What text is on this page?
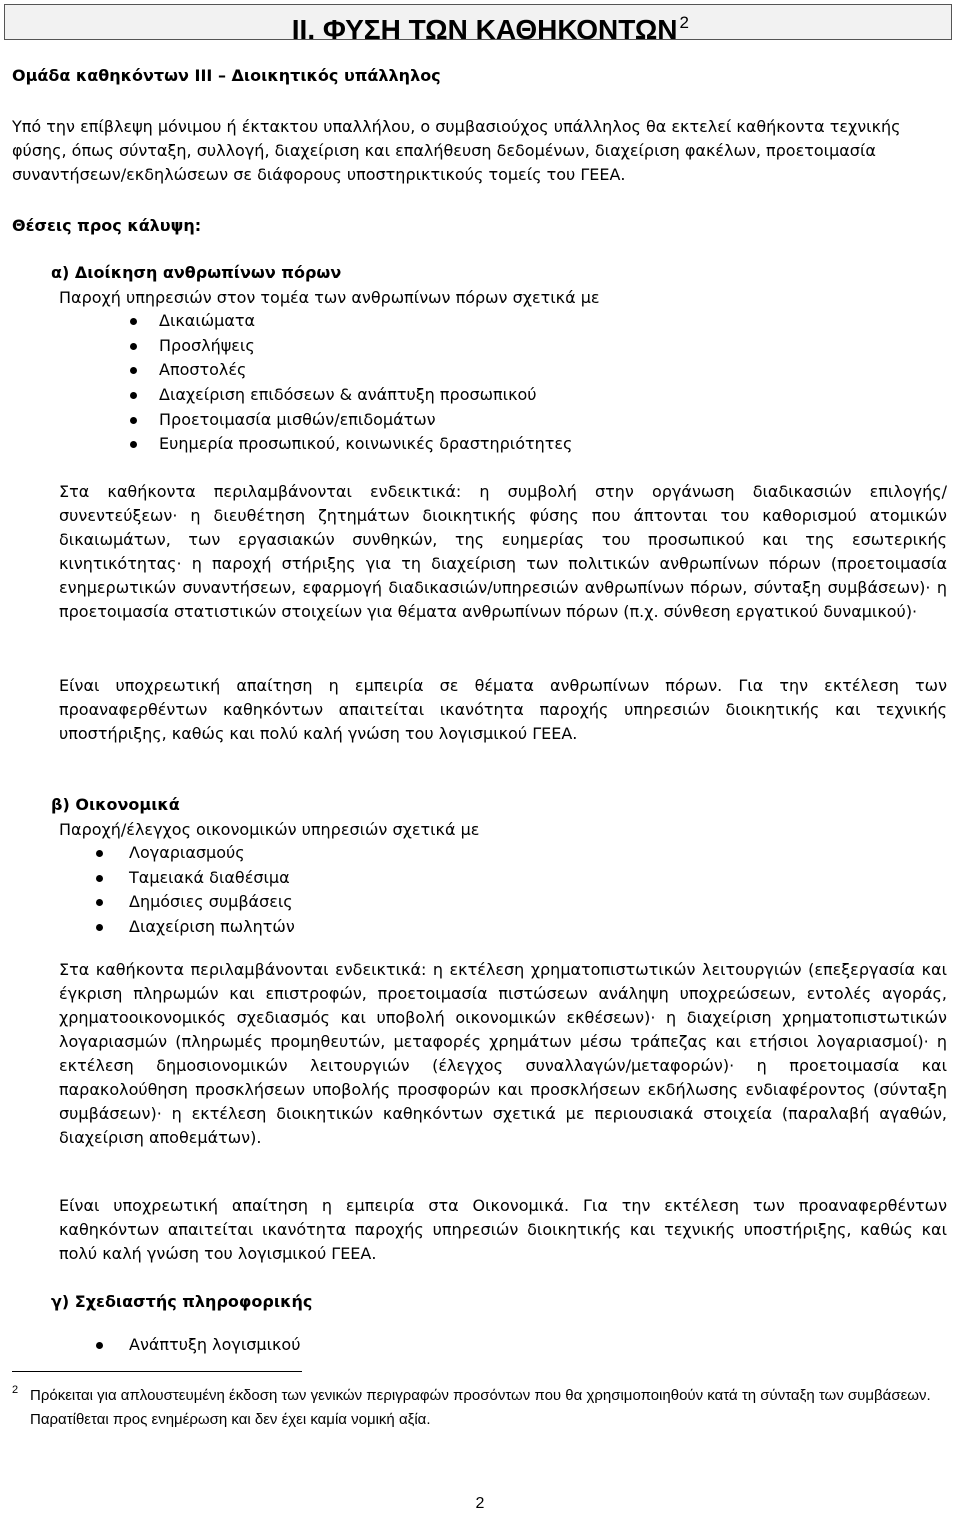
II. ΦΥΣΗ ΤΩΝ ΚΑΘΗΚΟΝΤΩΝ $^2$
Ομάδα καθηκόντων ΙΙΙ – Διοικητικός υπάλληλος

Υπό την επίβλεψη μόνιμου ή έκτακτου υπαλλήλου, ο συμβασιούχος υπάλληλος θα εκτελεί καθήκοντα τεχνικής φύσης, όπως σύνταξη, συλλογή, διαχείριση και επαλήθευση δεδομένων, διαχείριση φακέλων, προετοιμασία συναντήσεων/εκδηλώσεων σε διάφορους υποστηρικτικούς τομείς του ΓΕΕΑ.

Θέσεις προς κάλυψη:
α) Διοίκηση ανθρωπίνων πόρων
Παροχή υπηρεσιών στον τομέα των ανθρωπίνων πόρων σχετικά με
Δικαιώματα
Προσλήψεις
Αποστολές
Διαχείριση επιδόσεων & ανάπτυξη προσωπικού
Προετοιμασία μισθών/επιδομάτων
Ευημερία προσωπικού, κοινωνικές δραστηριότητες

Στα καθήκοντα περιλαμβάνονται ενδεικτικά: η συμβολή στην οργάνωση διαδικασιών επιλογής/συνεντεύξεων· η διευθέτηση ζητημάτων διοικητικής φύσης που άπτονται του καθορισμού ατομικών δικαιωμάτων, των εργασιακών συνθηκών, της ευημερίας του προσωπικού και της εσωτερικής κινητικότητας· η παροχή στήριξης για τη διαχείριση των πολιτικών ανθρωπίνων πόρων (προετοιμασία ενημερωτικών συναντήσεων, εφαρμογή διαδικασιών/υπηρεσιών ανθρωπίνων πόρων, σύνταξη συμβάσεων)· η προετοιμασία στατιστικών στοιχείων για θέματα ανθρωπίνων πόρων (π.χ. σύνθεση εργατικού δυναμικού)·

Είναι υποχρεωτική απαίτηση η εμπειρία σε θέματα ανθρωπίνων πόρων. Για την εκτέλεση των προαναφερθέντων καθηκόντων απαιτείται ικανότητα παροχής υπηρεσιών διοικητικής και τεχνικής υποστήριξης, καθώς και πολύ καλή γνώση του λογισμικού ΓΕΕΑ.

β) Οικονομικά
Παροχή/έλεγχος οικονομικών υπηρεσιών σχετικά με
Λογαριασμούς
Ταμειακά διαθέσιμα
Δημόσιες συμβάσεις
Διαχείριση πωλητών

Στα καθήκοντα περιλαμβάνονται ενδεικτικά: η εκτέλεση χρηματοπιστωτικών λειτουργιών (επεξεργασία και έγκριση πληρωμών και επιστροφών, προετοιμασία πιστώσεων ανάληψη υποχρεώσεων, εντολές αγοράς, χρηματοοικονομικός σχεδιασμός και υποβολή οικονομικών εκθέσεων)· η διαχείριση χρηματοπιστωτικών λογαριασμών (πληρωμές προμηθευτών, μεταφορές χρημάτων μέσω τράπεζας και ετήσιοι λογαριασμοί)· η εκτέλεση δημοσιονομικών λειτουργιών (έλεγχος συναλλαγών/μεταφορών)· η προετοιμασία και παρακολούθηση προσκλήσεων υποβολής προσφορών και προσκλήσεων εκδήλωσης ενδιαφέροντος (σύνταξη συμβάσεων)· η εκτέλεση διοικητικών καθηκόντων σχετικά με περιουσιακά στοιχεία (παραλαβή αγαθών, διαχείριση αποθεμάτων).

Είναι υποχρεωτική απαίτηση η εμπειρία στα Οικονομικά. Για την εκτέλεση των προαναφερθέντων καθηκόντων απαιτείται ικανότητα παροχής υπηρεσιών διοικητικής και τεχνικής υποστήριξης, καθώς και πολύ καλή γνώση του λογισμικού ΓΕΕΑ.

γ) Σχεδιαστής πληροφορικής
Ανάπτυξη λογισμικού
2 Πρόκειται για απλουστευμένη έκδοση των γενικών περιγραφών προσόντων που θα χρησιμοποιηθούν κατά τη σύνταξη των συμβάσεων. Παρατίθεται προς ενημέρωση και δεν έχει καμία νομική αξία.

2
